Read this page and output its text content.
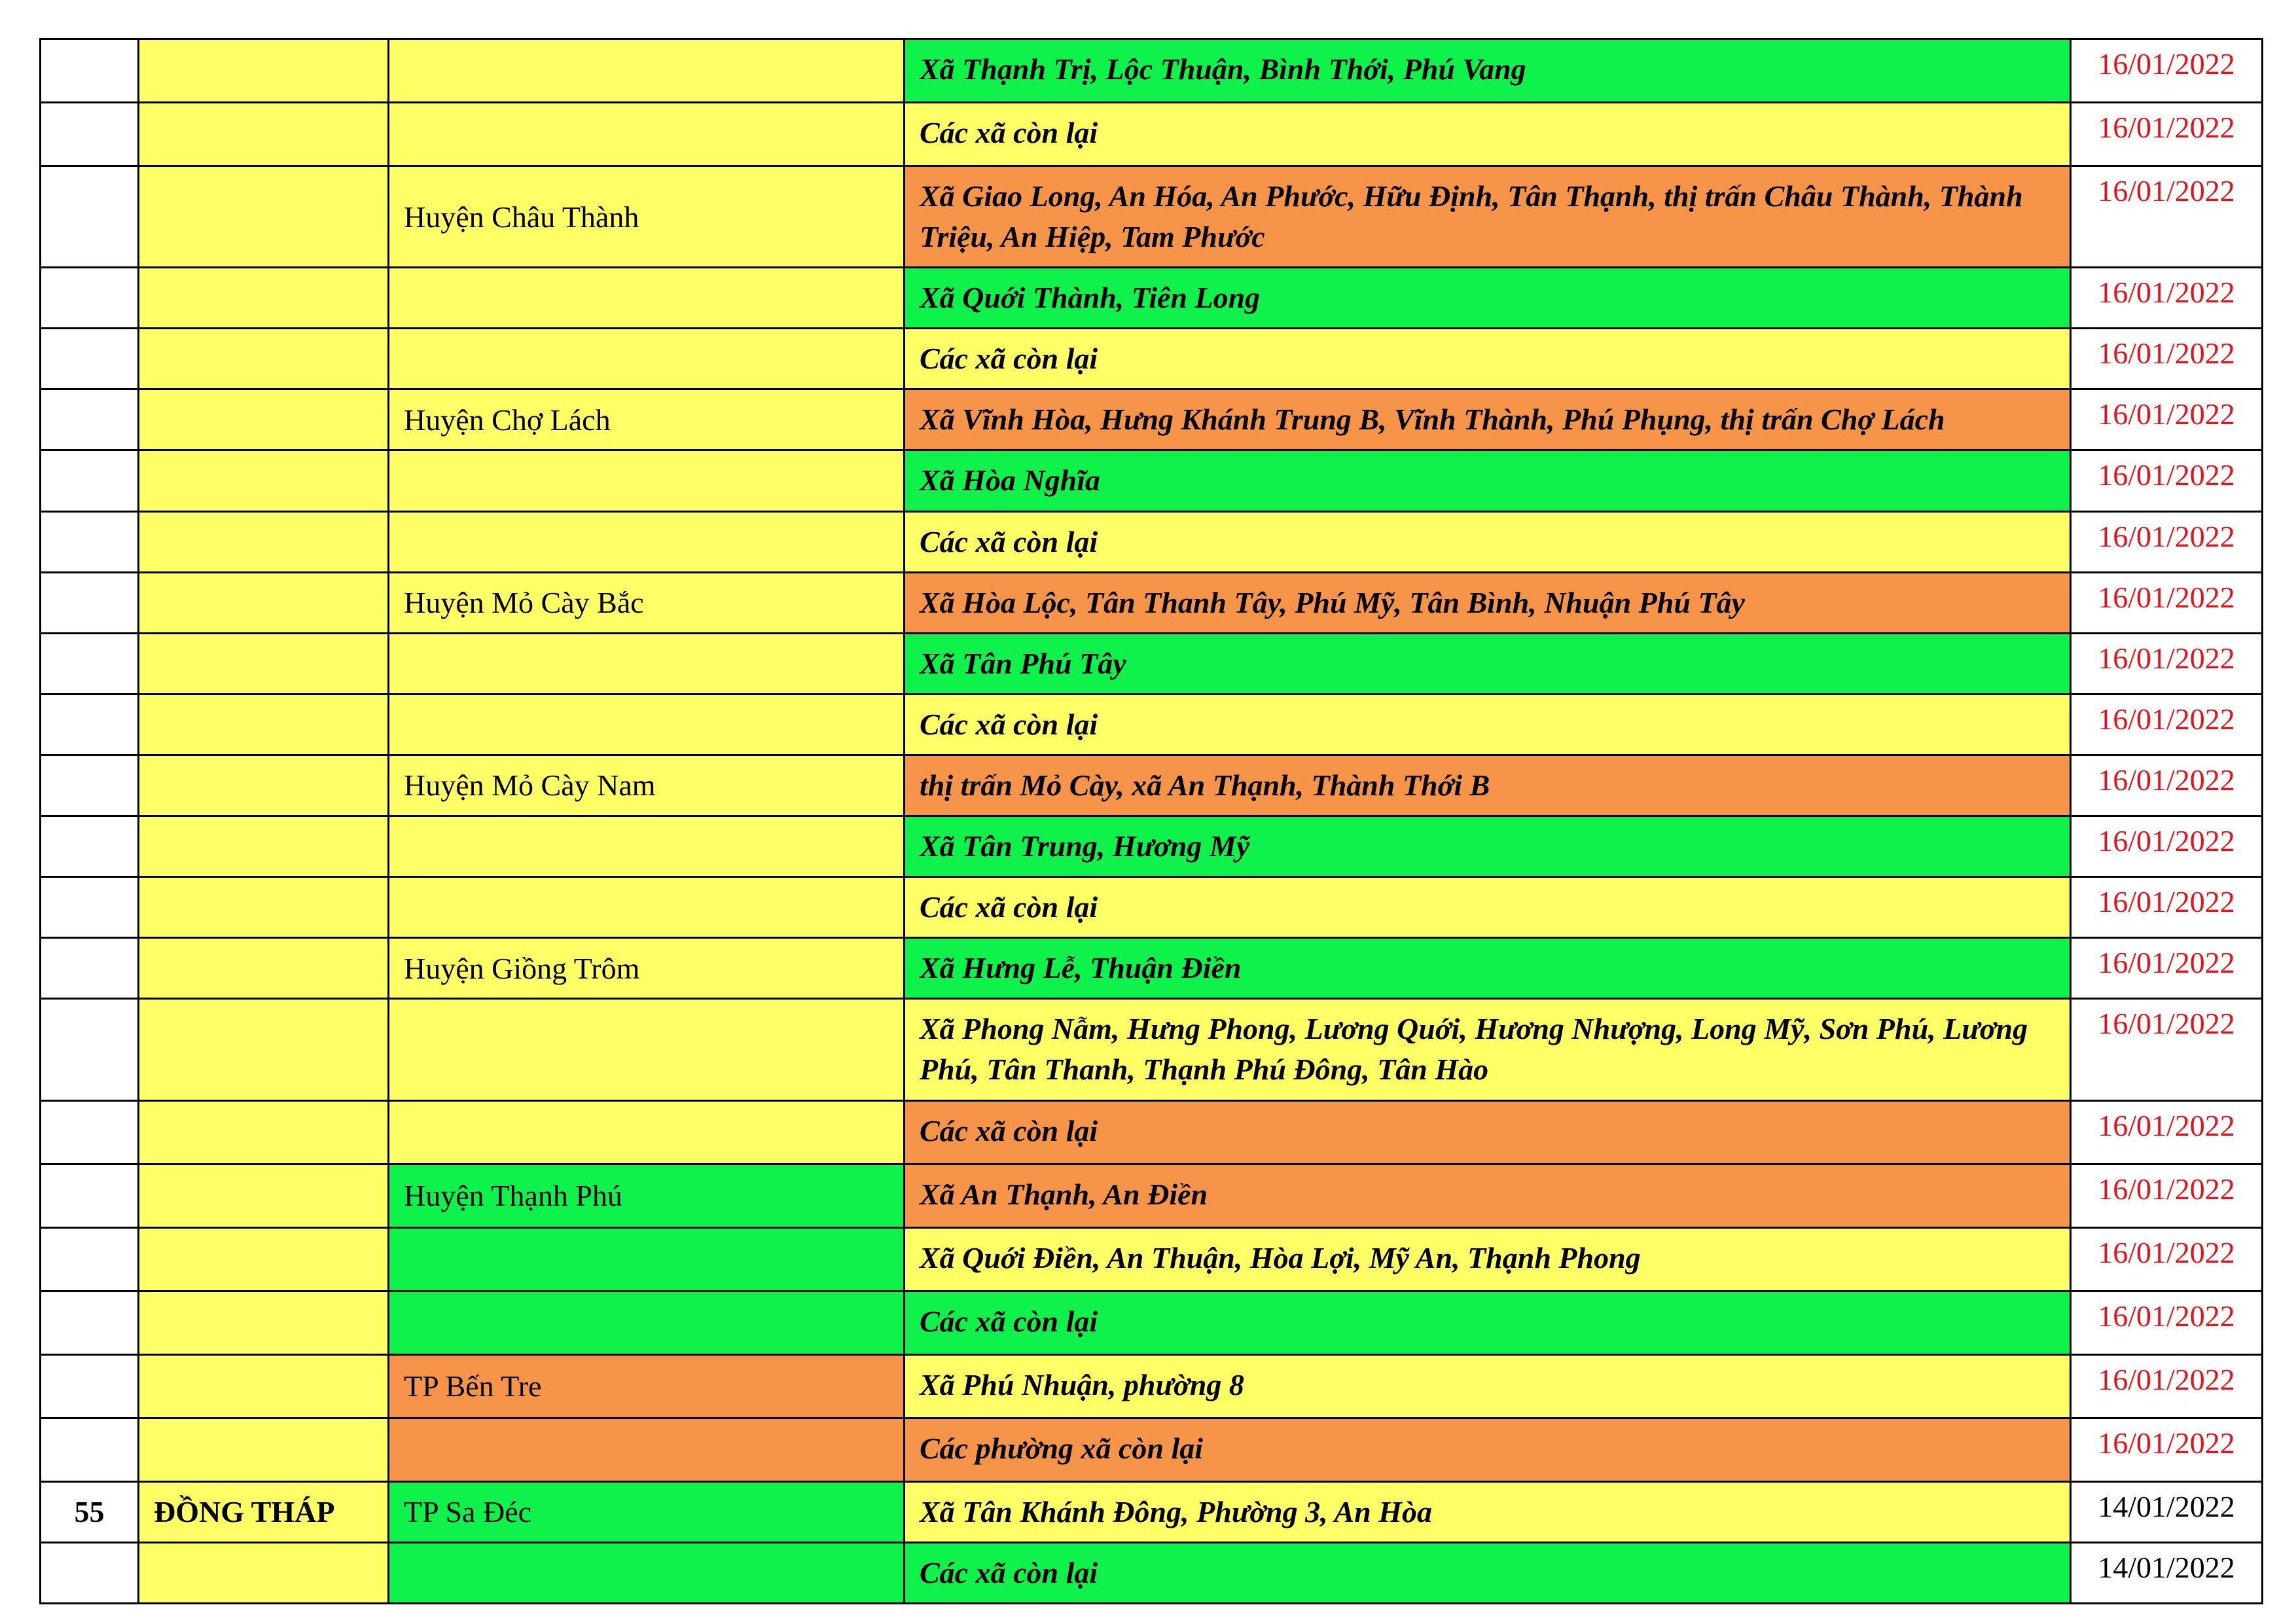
			Xã Thạnh Trị, Lộc Thuận, Bình Thới, Phú Vang	16/01/2022
			Các xã còn lại	16/01/2022
		Huyện Châu Thành	Xã Giao Long, An Hóa, An Phước, Hữu Định, Tân Thạnh, thị trấn Châu Thành, Thành Triệu, An Hiệp, Tam Phước	16/01/2022
			Xã Quới Thành, Tiên Long	16/01/2022
			Các xã còn lại	16/01/2022
		Huyện Chợ Lách	Xã Vĩnh Hòa, Hưng Khánh Trung B, Vĩnh Thành, Phú Phụng, thị trấn Chợ Lách	16/01/2022
			Xã Hòa Nghĩa	16/01/2022
			Các xã còn lại	16/01/2022
		Huyện Mỏ Cày Bắc	Xã Hòa Lộc, Tân Thanh Tây, Phú Mỹ, Tân Bình, Nhuận Phú Tây	16/01/2022
			Xã Tân Phú Tây	16/01/2022
			Các xã còn lại	16/01/2022
		Huyện Mỏ Cày Nam	thị trấn Mỏ Cày, xã An Thạnh, Thành Thới B	16/01/2022
			Xã Tân Trung, Hương Mỹ	16/01/2022
			Các xã còn lại	16/01/2022
		Huyện Giồng Trôm	Xã Hưng Lễ, Thuận Điền	16/01/2022
			Xã Phong Nẫm, Hưng Phong, Lương Quới, Hương Nhượng, Long Mỹ, Sơn Phú, Lương Phú, Tân Thanh, Thạnh Phú Đông, Tân Hào	16/01/2022
			Các xã còn lại	16/01/2022
		Huyện Thạnh Phú	Xã An Thạnh, An Điền	16/01/2022
			Xã Quới Điền, An Thuận, Hòa Lợi, Mỹ An, Thạnh Phong	16/01/2022
			Các xã còn lại	16/01/2022
		TP Bến Tre	Xã Phú Nhuận, phường 8	16/01/2022
			Các phường xã còn lại	16/01/2022
55	ĐỒNG THÁP	TP Sa Đéc	Xã Tân Khánh Đông, Phường 3, An Hòa	14/01/2022
			Các xã còn lại	14/01/2022
